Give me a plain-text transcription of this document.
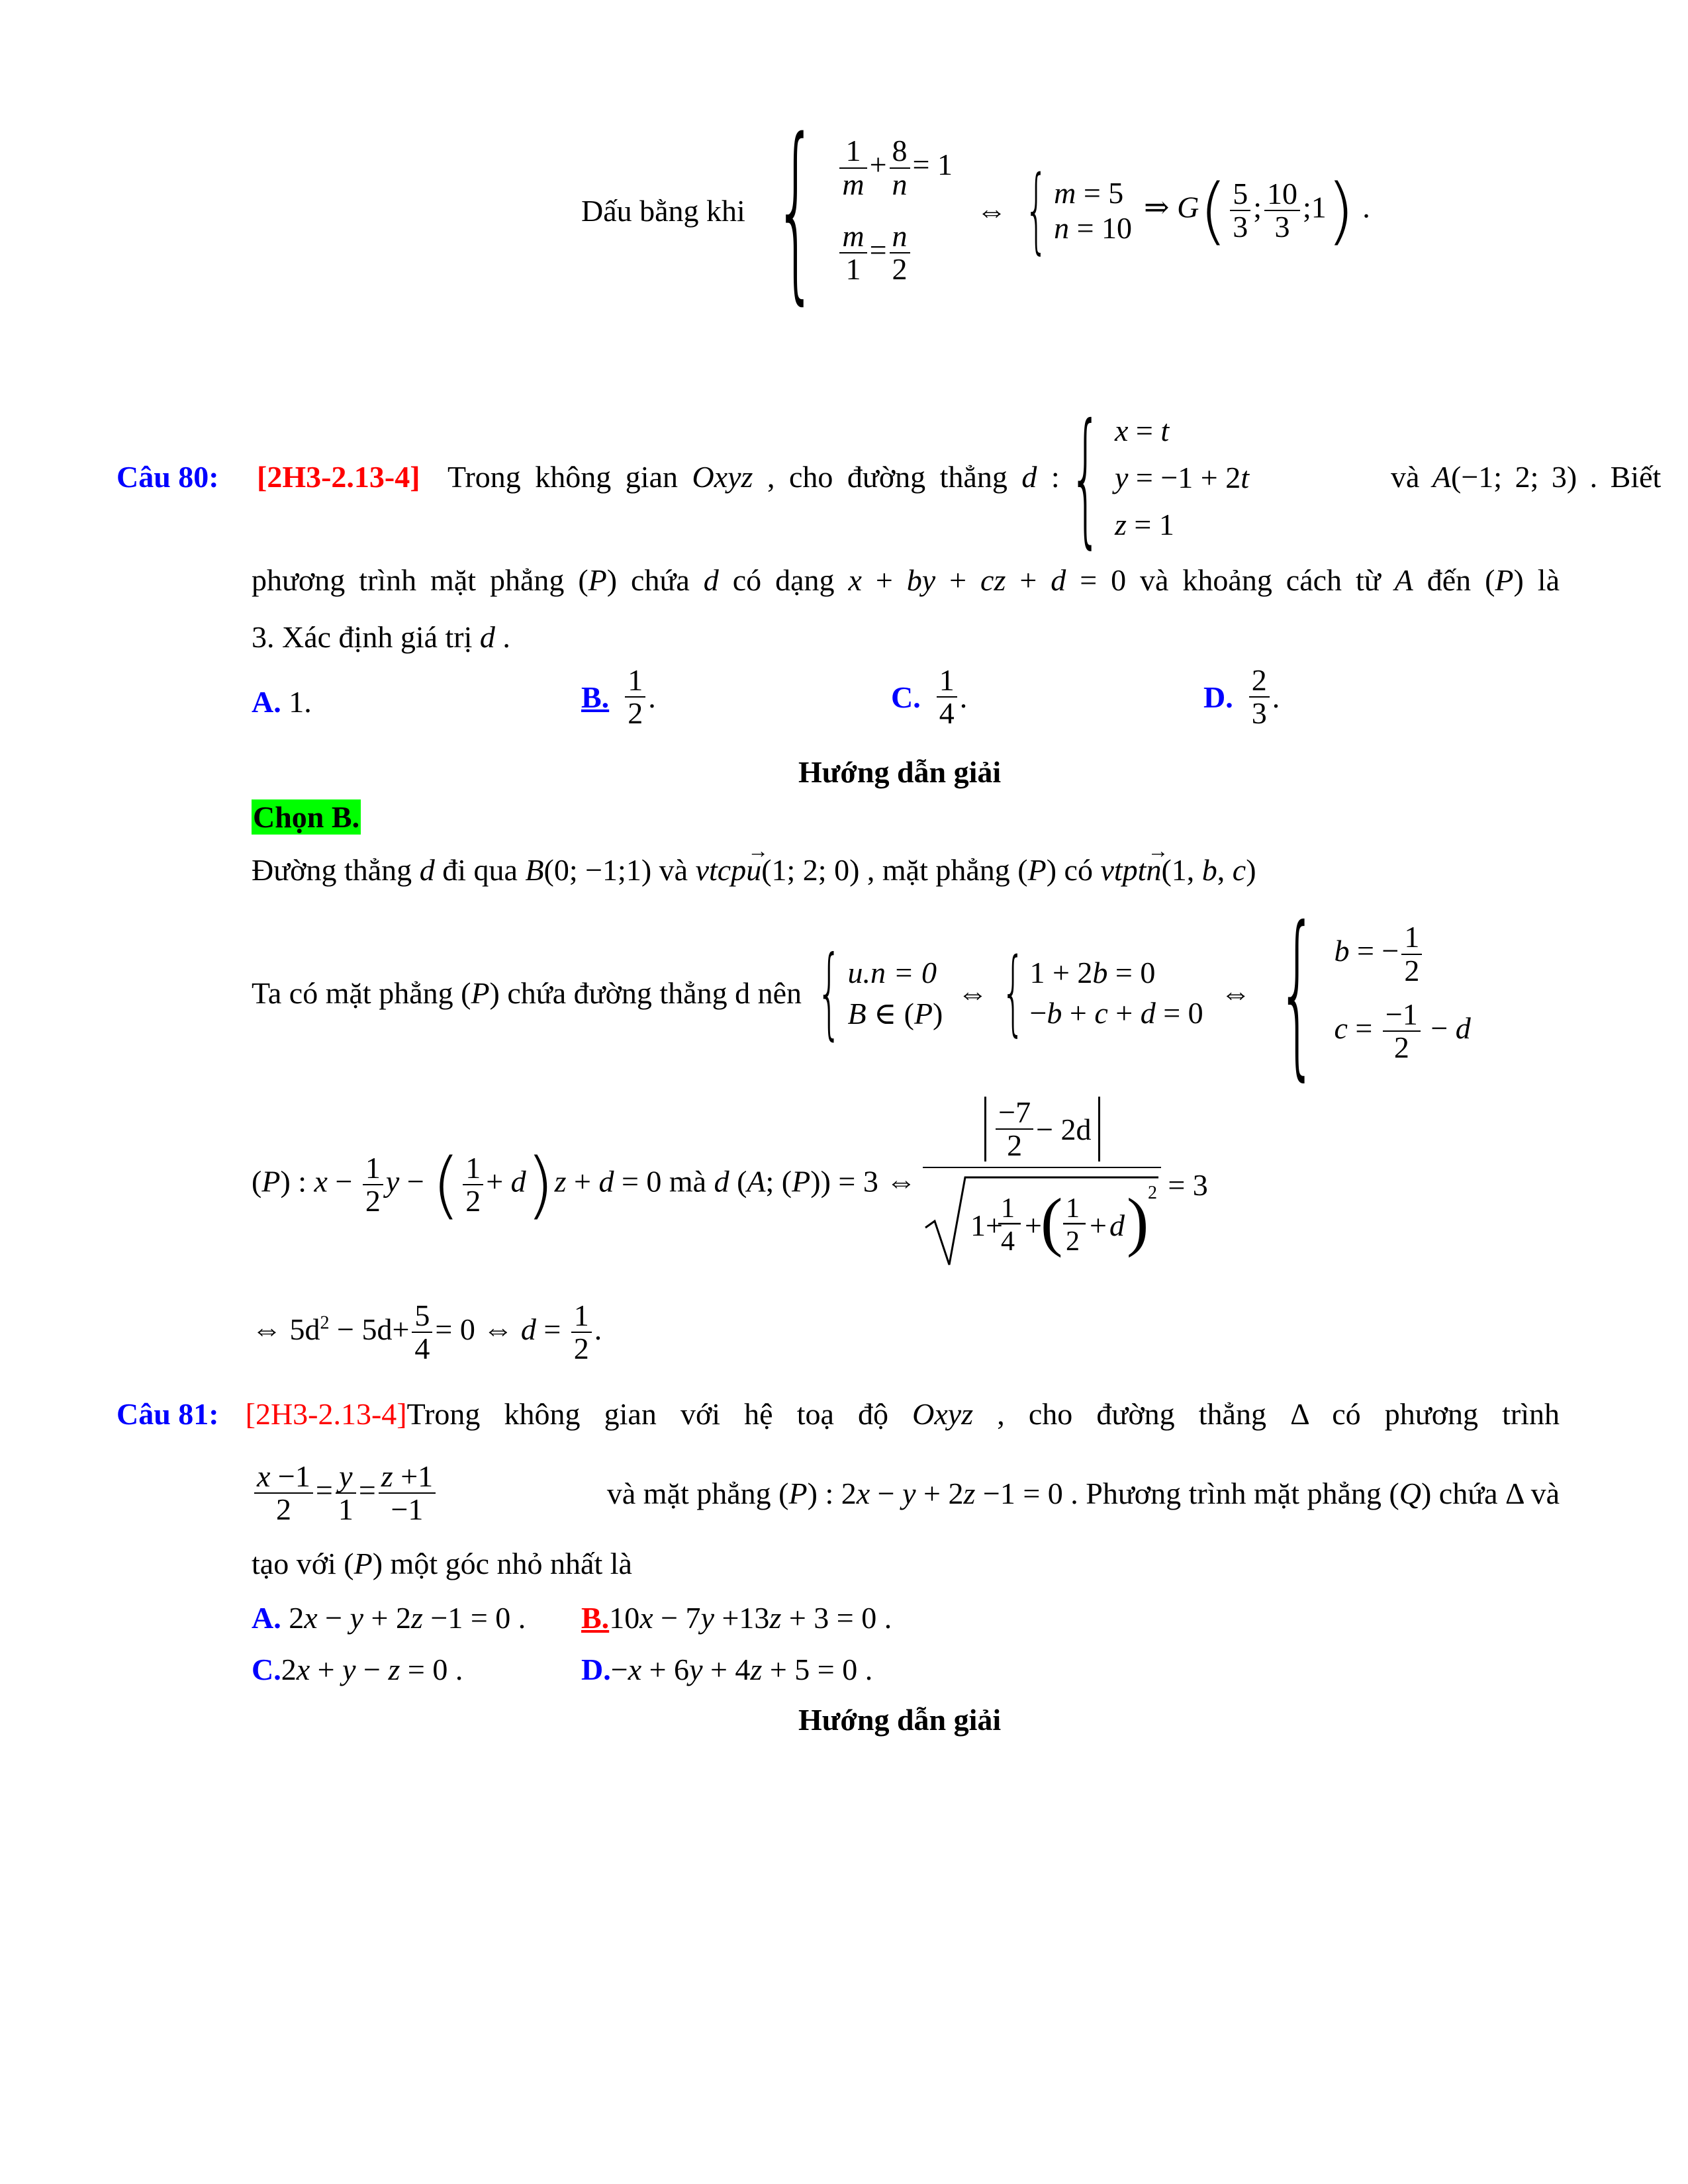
Dấu bằng khi { $\frac{1}{m} + \frac{8}{n} = 1$
$\frac{m}{1} = \frac{n}{2}$
⇔ { m = 5
n = 10
⇒ $G( \frac{5}{3}$ ; $\frac{10}{3}$ ;1) .
Câu 80: [2H3-2.13-4] Trong không gian Oxyz , cho đường thẳng d : { x = t
y = −1 + 2t
z = 1
và A(−1; 2; 3) . Biết
phương trình mặt phẳng (P) chứa d có dạng x + by + cz + d = 0 và khoảng cách từ A đến (P) là
3. Xác định giá trị d .
A. 1.	B. $\frac{1}{2}$ .	C. $\frac{1}{4}$ .	D. $\frac{2}{3}$ .
Hướng dẫn giải
Chọn B.
Đường thẳng d đi qua B(0; −1;1) và vtcpu
→
(1; 2; 0) , mặt phẳng (P) có vtptn
→
(1, b, c)
Ta có mặt phẳng (P) chứa đường thẳng d nên { u.n = 0
B ∈ (P)
⇔ { 1 + 2b = 0
−b + c + d = 0
⇔ { b = − $\frac{1}{2}$
$c = \frac{-1}{2} - d$
(P) : $x - \frac{1}{2}$ y − ( $\frac{1}{2} + d)z + d = 0$ mà d (A; (P)) = 3 ⇔
$\frac{-7}{2} - 2d$
1+
1
4 +
( 1
2 + d )
2 = 3
⇔ $5d^2 - 5d+ \frac{5}{4} = 0$ ⇔ $d = \frac{1}{2}$ .
Câu 81: [2H3-2.13-4] Trong không gian với hệ toạ độ Oxyz , cho đường thẳng Δ có phương trình
$\frac{x -1}{2} = \frac{y}{1} = \frac{z +1}{-1}$	và mặt phẳng (P) : 2x − y + 2z −1 = 0 . Phương trình mặt phẳng (Q) chứa Δ và
tạo với (P) một góc nhỏ nhất là
A. 2x − y + 2z −1 = 0 . B.10x − 7y +13z + 3 = 0 .
C.2x + y − z = 0 .	D.−x + 6y + 4z + 5 = 0 .
Hướng dẫn giải
